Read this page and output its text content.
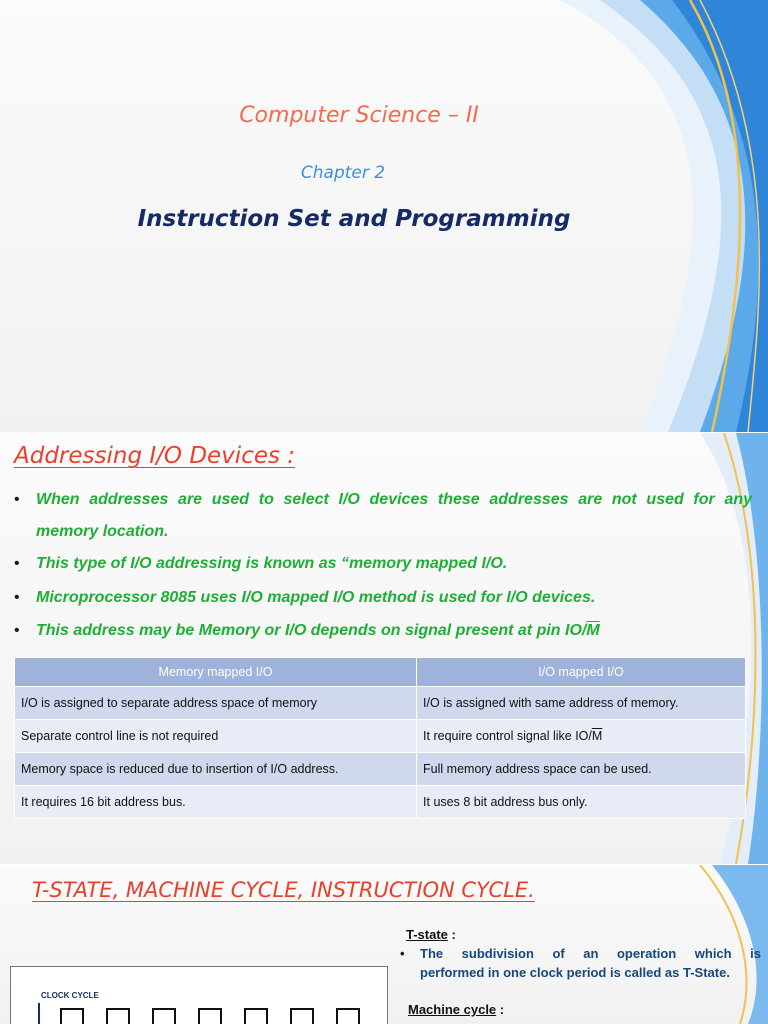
Computer Science – II

Chapter 2

Instruction Set and Programming

Addressing I/O Devices :

•	When addresses are used to select I/O devices these addresses are not used for any
memory location.
•	This type of I/O addressing is known as “memory mapped I/O.
•	Microprocessor 8085 uses I/O mapped I/O method is used for I/O devices.
•	This address may be Memory or I/O depends on signal present at pin $IO/\overline{M}$
Memory mapped I/O	I/O mapped I/O
I/O is assigned to separate address space of memory	I/O is assigned with same address of memory.
Separate control line is not required	It require control signal like $IO/\overline{M}$
Memory space is reduced due to insertion of I/O address.	Full memory address space can be used.
It requires 16 bit address bus.	It uses 8 bit address bus only.

T-STATE, MACHINE CYCLE, INSTRUCTION CYCLE.

T-state :

•	The subdivision of an operation which is
performed in one clock period is called as T-State.

Machine cycle :

CLOCK CYCLE
